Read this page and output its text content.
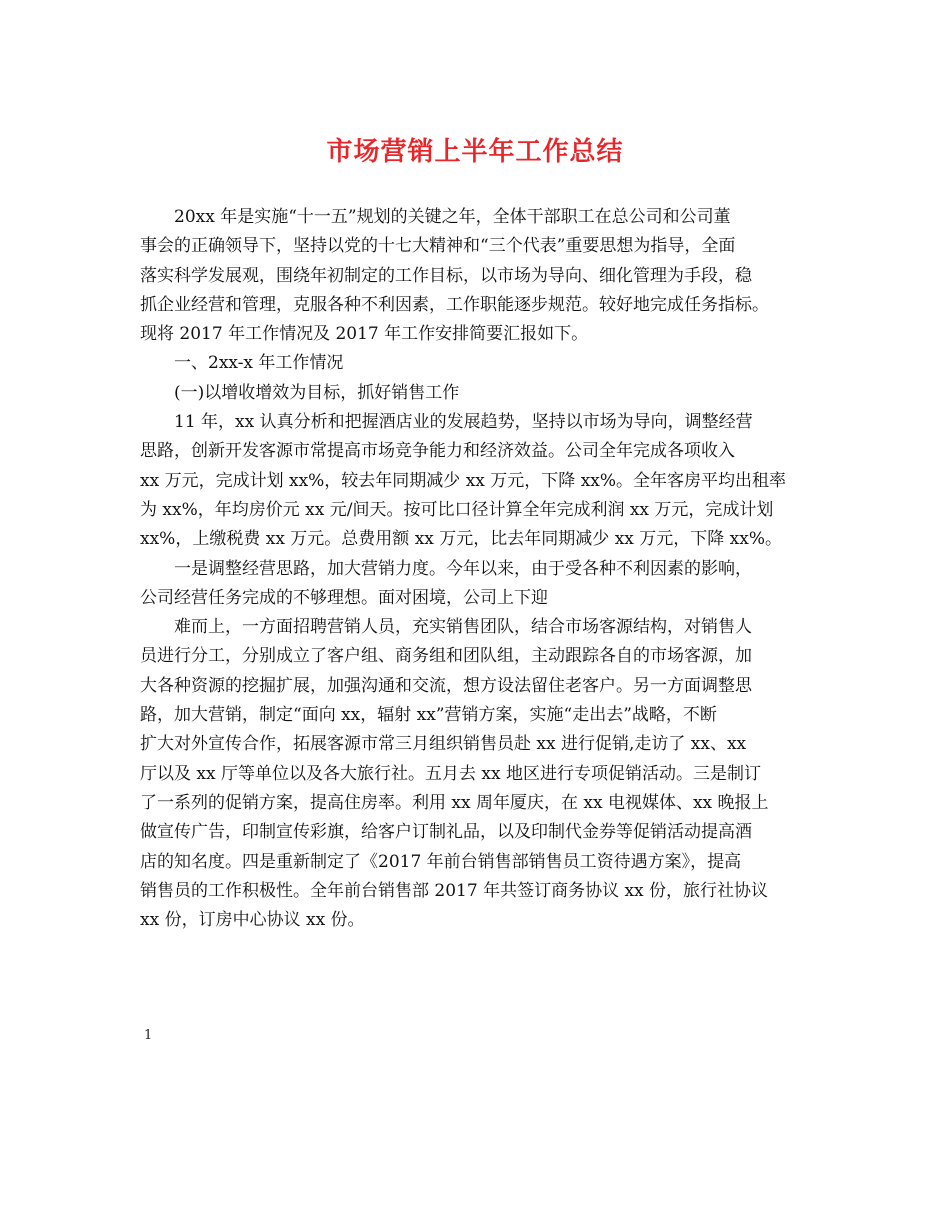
市场营销上半年工作总结
20xx 年是实施“十一五”规划的关键之年，全体干部职工在总公司和公司董
事会的正确领导下，坚持以党的十七大精神和“三个代表”重要思想为指导，全面
落实科学发展观，围绕年初制定的工作目标，以市场为导向、细化管理为手段，稳
抓企业经营和管理，克服各种不利因素，工作职能逐步规范。较好地完成任务指标。
现将 2017 年工作情况及 2017 年工作安排简要汇报如下。
一、2xx-x 年工作情况
(一)以增收增效为目标，抓好销售工作
11 年，xx 认真分析和把握酒店业的发展趋势，坚持以市场为导向，调整经营
思路，创新开发客源市常提高市场竞争能力和经济效益。公司全年完成各项收入
xx 万元，完成计划 xx%，较去年同期减少 xx 万元，下降 xx%。全年客房平均出租率
为 xx%，年均房价元 xx 元/间天。按可比口径计算全年完成利润 xx 万元，完成计划
xx%，上缴税费 xx 万元。总费用额 xx 万元，比去年同期减少 xx 万元，下降 xx%。
一是调整经营思路，加大营销力度。今年以来，由于受各种不利因素的影响，
公司经营任务完成的不够理想。面对困境，公司上下迎
难而上，一方面招聘营销人员，充实销售团队，结合市场客源结构，对销售人
员进行分工，分别成立了客户组、商务组和团队组，主动跟踪各自的市场客源，加
大各种资源的挖掘扩展，加强沟通和交流，想方设法留住老客户。另一方面调整思
路，加大营销，制定“面向 xx，辐射 xx”营销方案，实施“走出去”战略，不断
扩大对外宣传合作，拓展客源市常三月组织销售员赴 xx 进行促销,走访了 xx、xx
厅以及 xx 厅等单位以及各大旅行社。五月去 xx 地区进行专项促销活动。三是制订
了一系列的促销方案，提高住房率。利用 xx 周年厦庆，在 xx 电视媒体、xx 晚报上
做宣传广告，印制宣传彩旗，给客户订制礼品，以及印制代金券等促销活动提高酒
店的知名度。四是重新制定了《2017 年前台销售部销售员工资待遇方案》，提高
销售员的工作积极性。全年前台销售部 2017 年共签订商务协议 xx 份，旅行社协议
xx 份，订房中心协议 xx 份。
1
